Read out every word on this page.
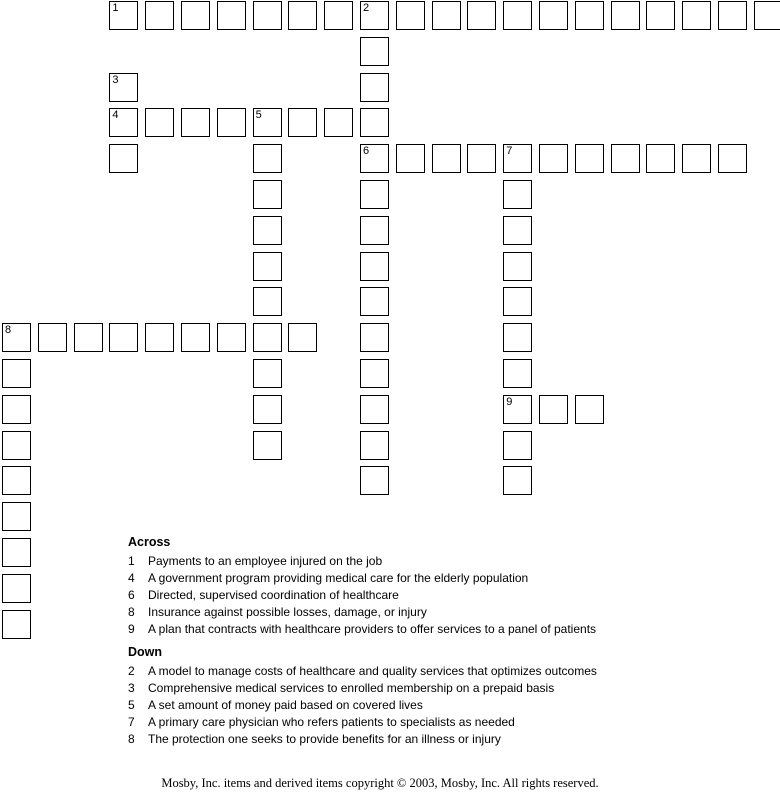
1	2
6
3
4	5
7
9
8
Across
1 Payments to an employee injured on the job
4 A government program providing medical care for the elderly population
6 Directed, supervised coordination of healthcare
8 Insurance against possible losses, damage, or injury
9 A plan that contracts with healthcare providers to offer services to a panel of patients
Down
2 A model to manage costs of healthcare and quality services that optimizes outcomes
3 Comprehensive medical services to enrolled membership on a prepaid basis
5 A set amount of money paid based on covered lives
7 A primary care physician who refers patients to specialists as needed
8 The protection one seeks to provide benefits for an illness or injury
Mosby, Inc. items and derived items copyright © 2003, Mosby, Inc. All rights reserved.
